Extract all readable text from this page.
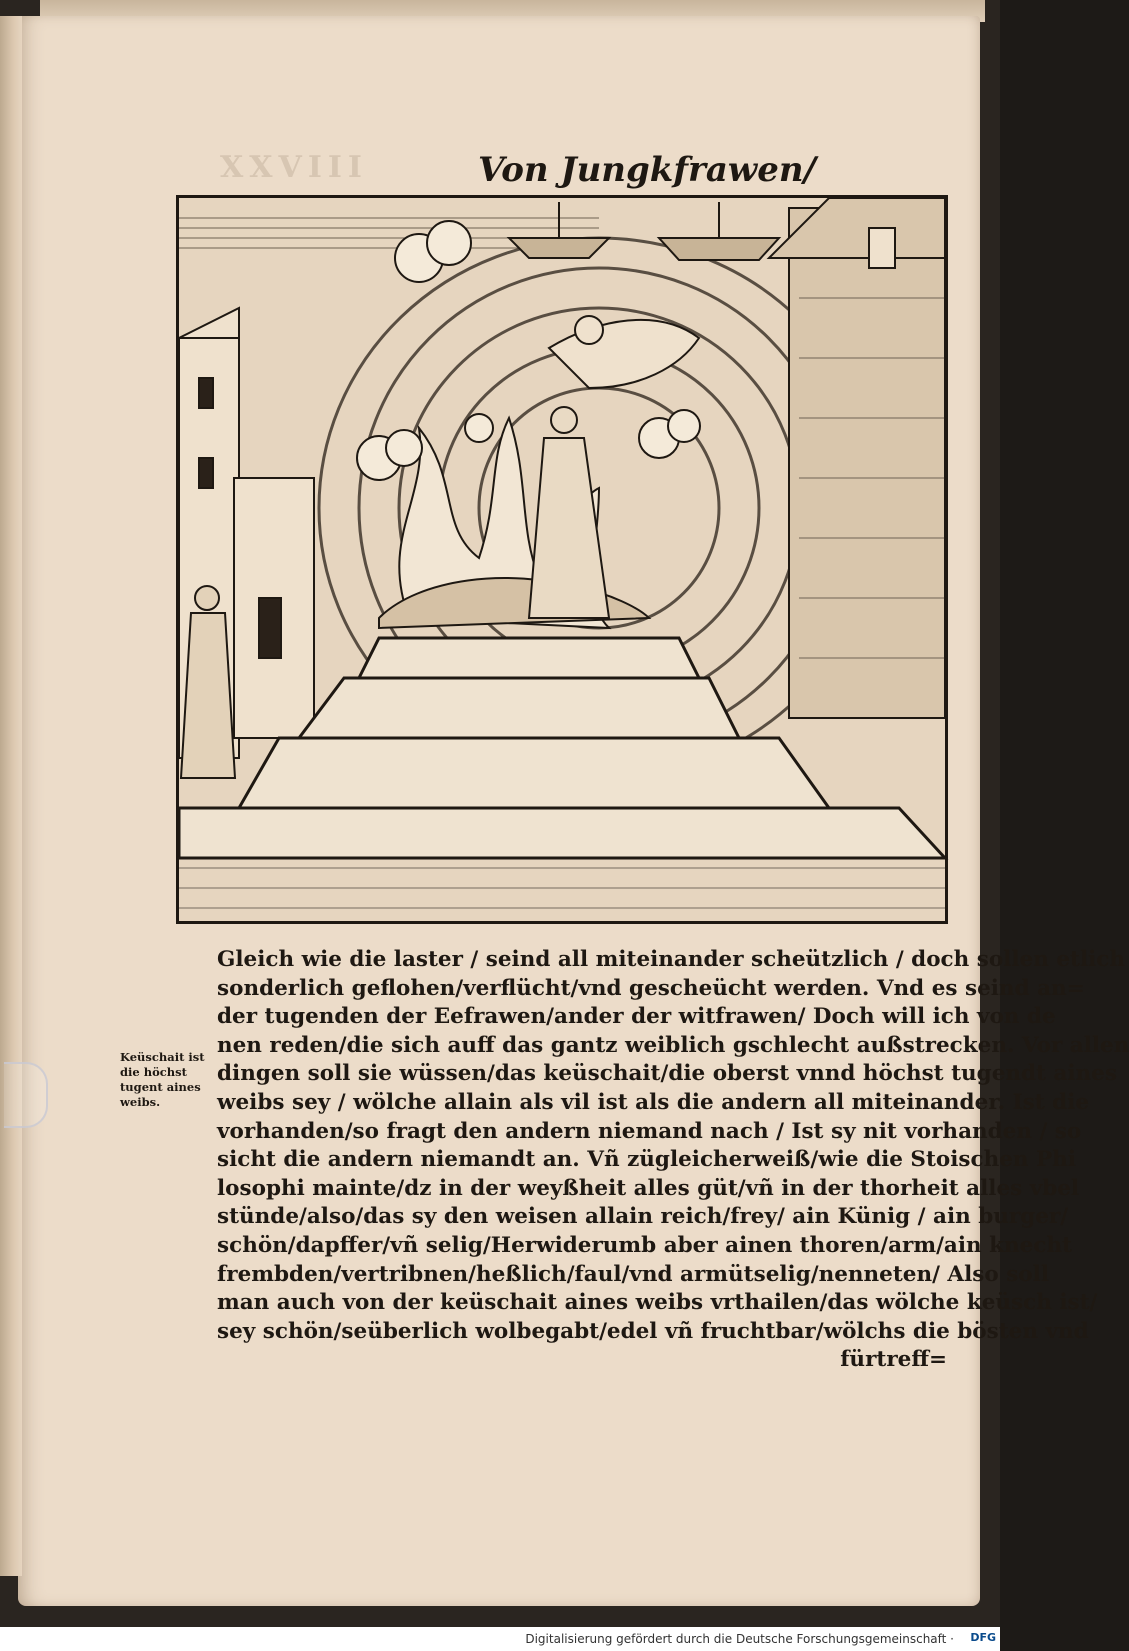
XXVIII	Von Jungkfrawen/
Keüschait ist die höchst tugent aines weibs.
Gleich wie die laster / seind all miteinander scheützlich / doch sollen etlich
sonderlich geflohen/verflücht/vnd gescheücht werden. Vnd es seind an=
der tugenden der Eefrawen/ander der witfrawen/ Doch will ich von de
nen reden/die sich auff das gantz weiblich gschlecht außstrecken. Vor allen
dingen soll sie wüssen/das keüschait/die oberst vnnd höchst tugendt aines
weibs sey / wölche allain als vil ist als die andern all miteinander. Ist die
vorhanden/so fragt den andern niemand nach / Ist sy nit vorhanden / so
sicht die andern niemandt an. Vñ zügleicherweiß/wie die Stoischen Phi
losophi mainte/dz in der weyßheit alles güt/vñ in der thorheit alles vbel
stünde/also/das sy den weisen allain reich/frey/ ain Künig / ain burger/
schön/dapffer/vñ selig/Herwiderumb aber ainen thoren/arm/ain knecht
frembden/vertribnen/heßlich/faul/vnd armütselig/nenneten/ Also soll
man auch von der keüschait aines weibs vrthailen/das wölche keüsch ist/
sey schön/seüberlich wolbegabt/edel vñ fruchtbar/wölchs die bösten vnd
fürtreff=
Digitalisierung gefördert durch die Deutsche Forschungsgemeinschaft · DFG
